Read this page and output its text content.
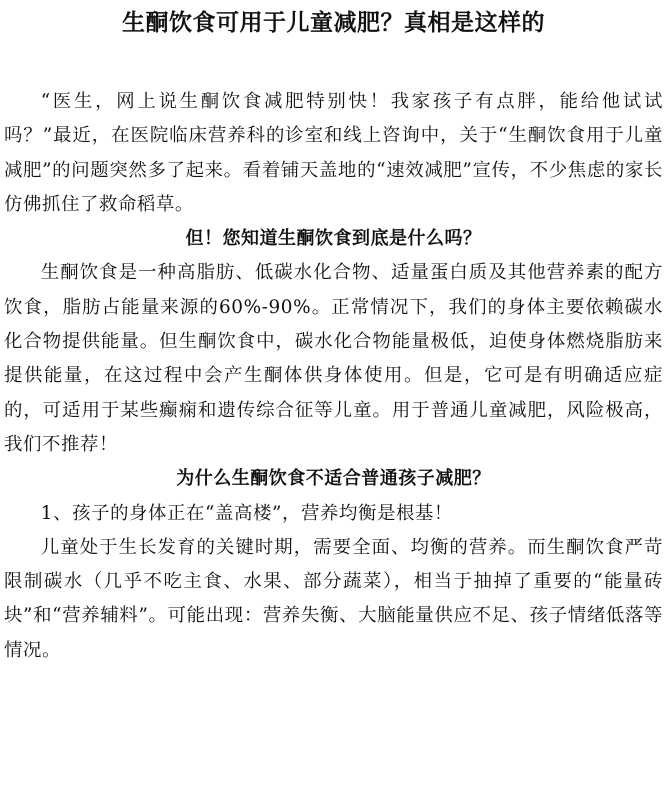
生酮饮食可用于儿童减肥？真相是这样的

“医生，网上说生酮饮食减肥特别快！我家孩子有点胖，能给他试试吗？”最近，在医院临床营养科的诊室和线上咨询中，关于“生酮饮食用于儿童减肥”的问题突然多了起来。看着铺天盖地的“速效减肥”宣传，不少焦虑的家长仿佛抓住了救命稻草。

但！您知道生酮饮食到底是什么吗？

生酮饮食是一种高脂肪、低碳水化合物、适量蛋白质及其他营养素的配方饮食，脂肪占能量来源的60%-90%。正常情况下，我们的身体主要依赖碳水化合物提供能量。但生酮饮食中，碳水化合物能量极低，迫使身体燃烧脂肪来提供能量，在这过程中会产生酮体供身体使用。但是，它可是有明确适应症的，可适用于某些癫痫和遗传综合征等儿童。用于普通儿童减肥，风险极高，我们不推荐！

为什么生酮饮食不适合普通孩子减肥？

1、孩子的身体正在“盖高楼”，营养均衡是根基！

儿童处于生长发育的关键时期，需要全面、均衡的营养。而生酮饮食严苛限制碳水（几乎不吃主食、水果、部分蔬菜），相当于抽掉了重要的“能量砖块”和“营养辅料”。可能出现：营养失衡、大脑能量供应不足、孩子情绪低落等情况。
